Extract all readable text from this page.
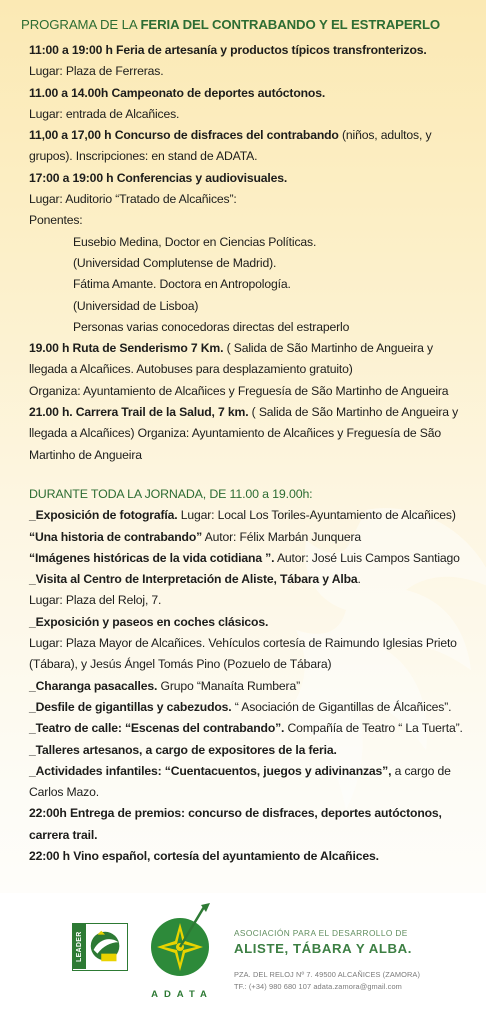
PROGRAMA DE LA FERIA DEL CONTRABANDO Y EL ESTRAPERLO
11:00 a 19:00 h Feria de artesanía y productos típicos transfronterizos.
Lugar: Plaza de Ferreras.
11.00 a 14.00h Campeonato de deportes autóctonos.
Lugar: entrada de Alcañices.
11,00 a 17,00 h Concurso de disfraces del contrabando (niños, adultos, y
grupos). Inscripciones: en stand de ADATA.
17:00 a 19:00 h Conferencias y audiovisuales.
Lugar: Auditorio “Tratado de Alcañices”:
Ponentes:
Eusebio Medina, Doctor en Ciencias Políticas.
(Universidad Complutense de Madrid).
Fátima Amante. Doctora en Antropología.
(Universidad de Lisboa)
Personas varias conocedoras directas del estraperlo
19.00 h Ruta de Senderismo 7 Km. ( Salida de São Martinho de Angueira y
llegada a Alcañices. Autobuses para desplazamiento gratuito)
Organiza: Ayuntamiento de Alcañices y Freguesía de São Martinho de Angueira
21.00 h. Carrera Trail de la Salud, 7 km. ( Salida de São Martinho de Angueira y
llegada a Alcañices) Organiza: Ayuntamiento de Alcañices y Freguesía de São
Martinho de Angueira
DURANTE TODA LA JORNADA, DE 11.00 a 19.00h:
_Exposición de fotografía. Lugar: Local Los Toriles-Ayuntamiento de Alcañices)
“Una historia de contrabando” Autor: Félix Marbán Junquera
“Imágenes históricas de la vida cotidiana ”. Autor: José Luis Campos Santiago
_Visita al Centro de Interpretación de Aliste, Tábara y Alba.
Lugar: Plaza del Reloj, 7.
_Exposición y paseos en coches clásicos.
Lugar: Plaza Mayor de Alcañices. Vehículos cortesía de Raimundo Iglesias Prieto
(Tábara), y Jesús Ángel Tomás Pino (Pozuelo de Tábara)
_Charanga pasacalles. Grupo “Manaíta Rumbera”
_Desfile de gigantillas y cabezudos. “ Asociación de Gigantillas de Álcañices”.
_Teatro de calle: “Escenas del contrabando”. Compañía de Teatro “ La Tuerta”.
_Talleres artesanos, a cargo de expositores de la feria.
_Actividades infantiles: “Cuentacuentos, juegos y adivinanzas”, a cargo de
Carlos Mazo.
22:00h Entrega de premios: concurso de disfraces, deportes autóctonos,
carrera trail.
22:00 h Vino español, cortesía del ayuntamiento de Alcañices.
LEADER
ADATA
ASOCIACIÓN PARA EL DESARROLLO DE
ALISTE, TÁBARA Y ALBA.
PZA. DEL RELOJ Nº 7. 49500 ALCAÑICES (ZAMORA)
TF.: (+34) 980 680 107 adata.zamora@gmail.com
